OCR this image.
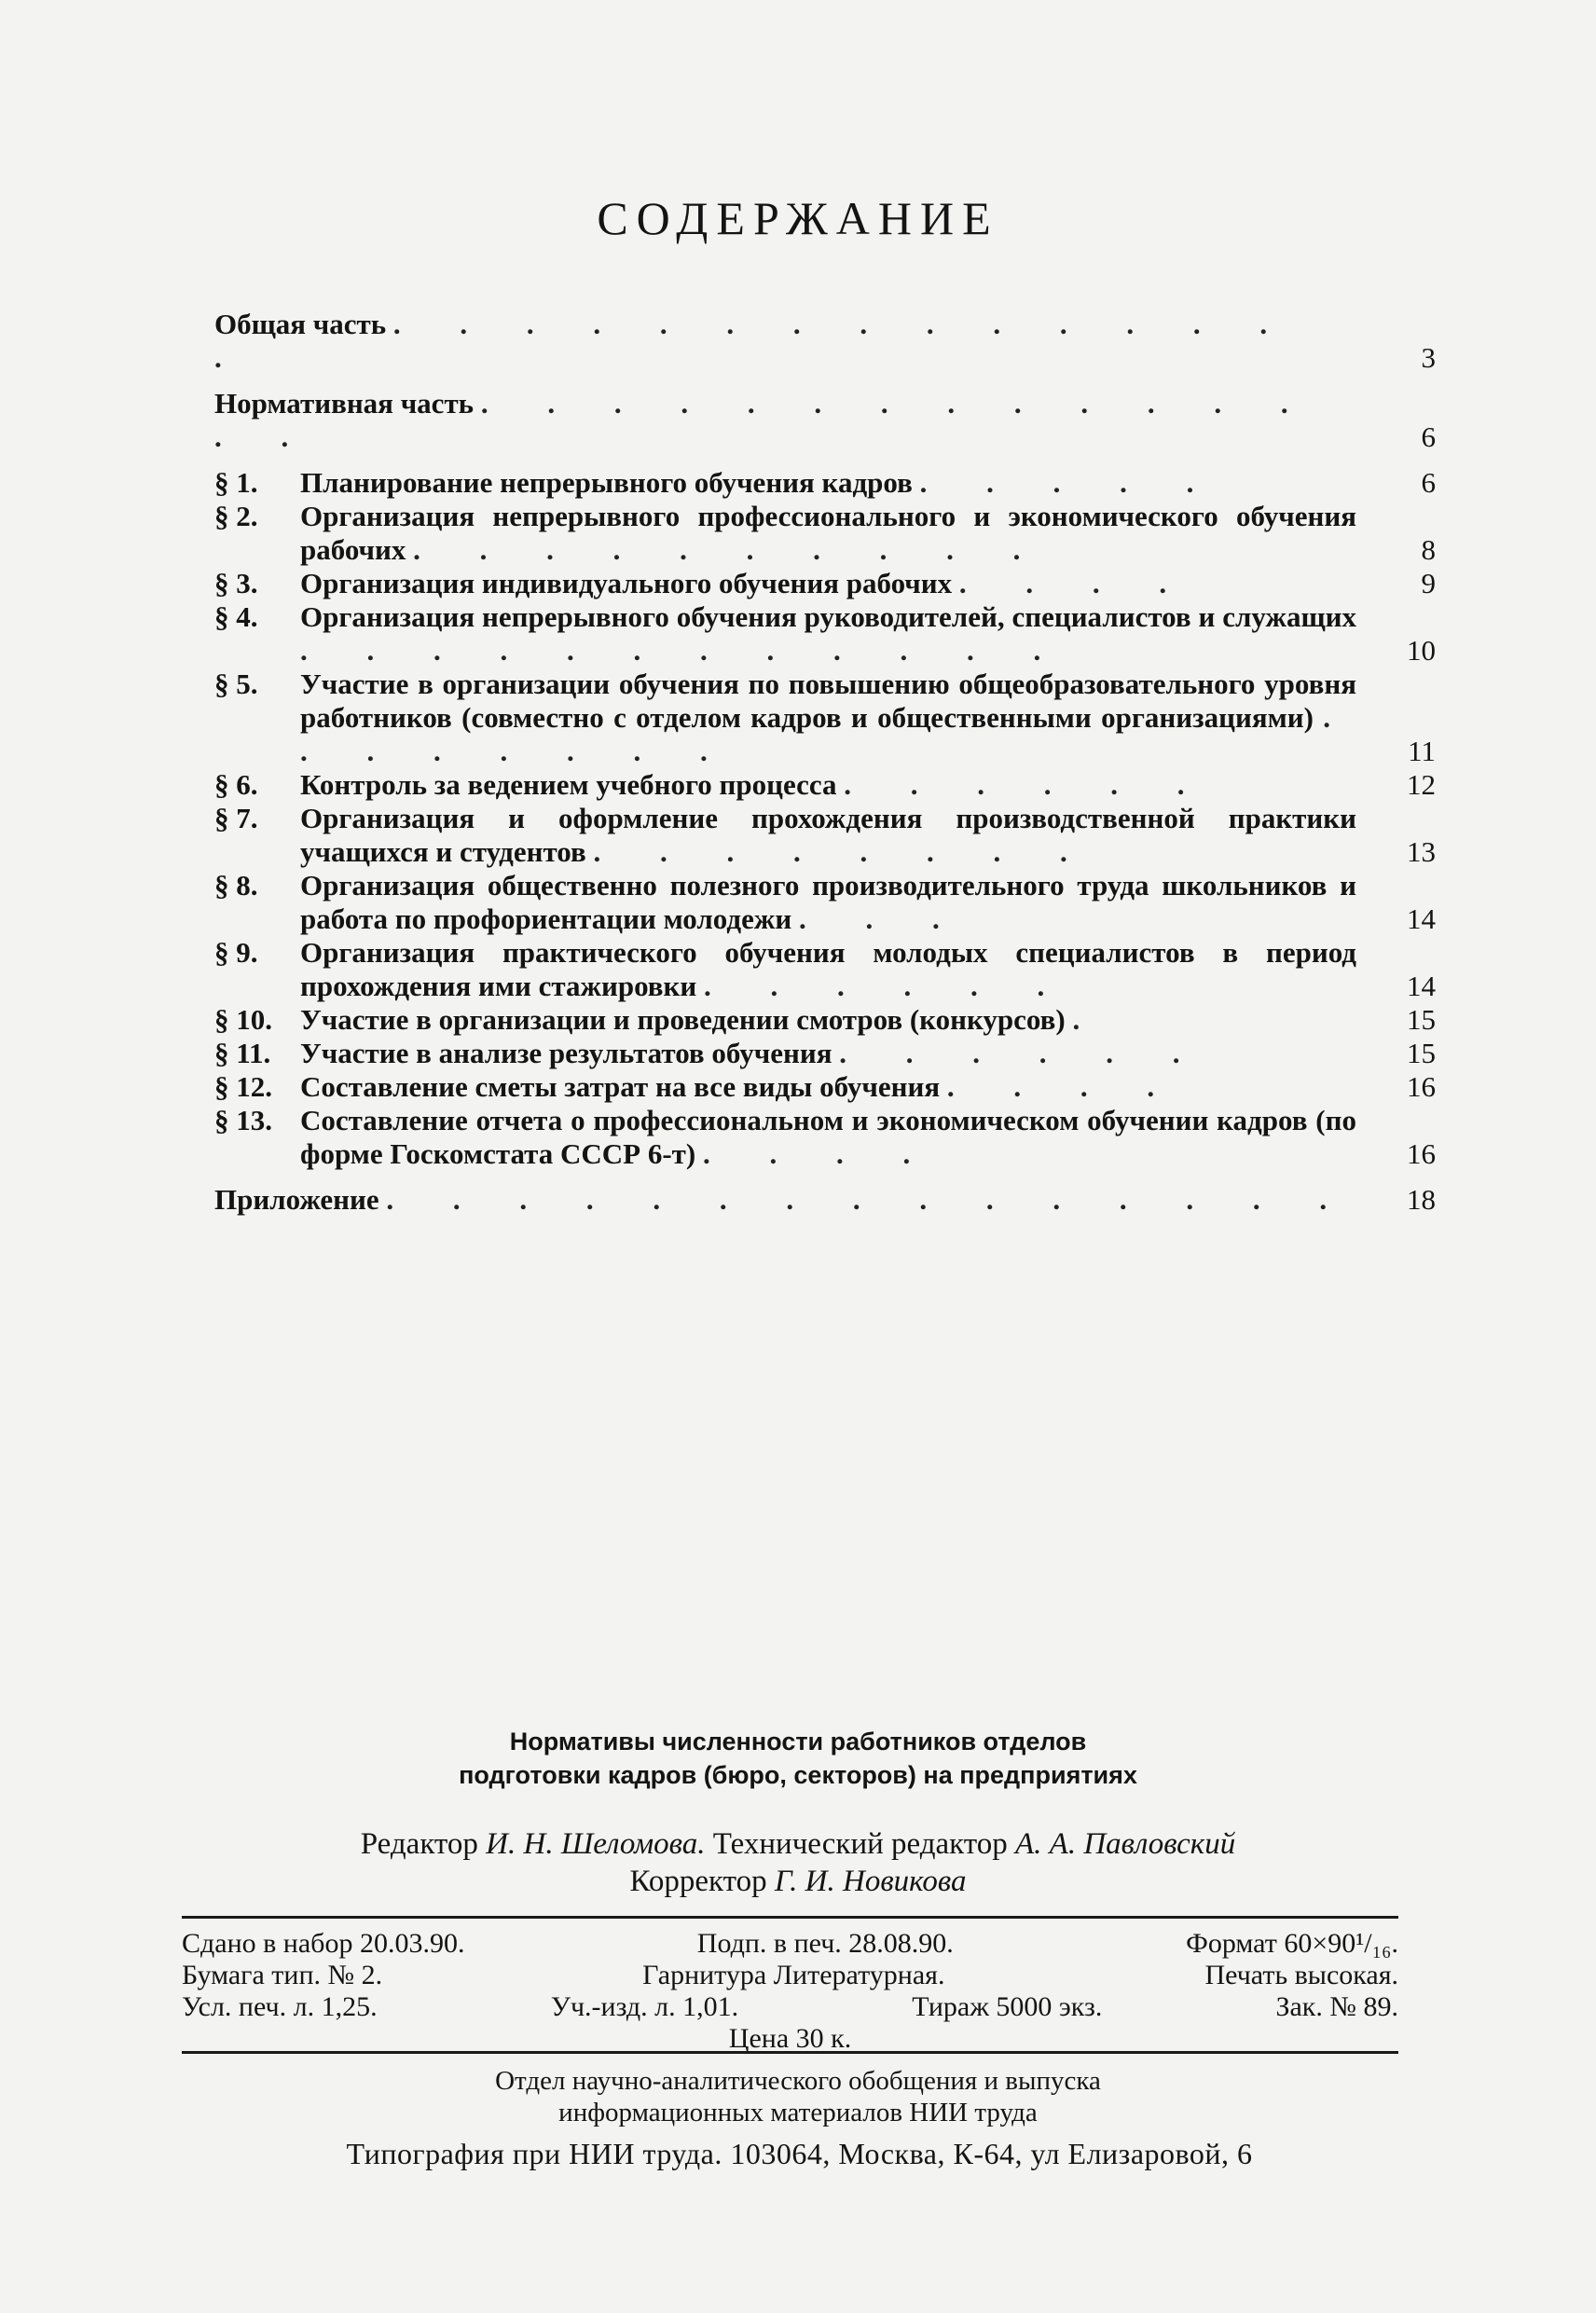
СОДЕРЖАНИЕ
Общая часть . . . . . . . . . . . . . . .	3
Нормативная часть . . . . . . . . . . . . . . .	6
§ 1. Планирование непрерывного обучения кадров . . . . .	6
§ 2. Организация непрерывного профессионального и экономического обучения рабочих . . . . . . . . . .	8
§ 3. Организация индивидуального обучения рабочих . . . .	9
§ 4. Организация непрерывного обучения руководителей, специалистов и служащих . . . . . . . . . . . .	10
§ 5. Участие в организации обучения по повышению общеобразовательного уровня работников (совместно с отделом кадров и общественными организациями) . . . . . . . .	11
§ 6. Контроль за ведением учебного процесса . . . . . .	12
§ 7. Организация и оформление прохождения производственной практики учащихся и студентов . . . . . . . .	13
§ 8. Организация общественно полезного производительного труда школьников и работа по профориентации молодежи . . .	14
§ 9. Организация практического обучения молодых специалистов в период прохождения ими стажировки . . . . . .	14
§ 10. Участие в организации и проведении смотров (конкурсов) .	15
§ 11. Участие в анализе результатов обучения . . . . . .	15
§ 12. Составление сметы затрат на все виды обучения . . . .	16
§ 13. Составление отчета о профессиональном и экономическом обучении кадров (по форме Госкомстата СССР 6-т) . . . .	16
Приложение . . . . . . . . . . . . . . .	18
Нормативы численности работников отделов
подготовки кадров (бюро, секторов) на предприятиях
Редактор И. Н. Шеломова. Технический редактор А. А. Павловский
Корректор Г. И. Новикова
Сдано в набор 20.03.90.	Подп. в печ. 28.08.90.	Формат 60×90¹/₁₆.
Бумага тип. № 2.	Гарнитура Литературная.	Печать высокая.
Усл. печ. л. 1,25.	Уч.-изд. л. 1,01.	Тираж 5000 экз.	Зак. № 89.
Цена 30 к.
Отдел научно-аналитического обобщения и выпуска
информационных материалов НИИ труда
Типография при НИИ труда. 103064, Москва, К-64, ул Елизаровой, 6
